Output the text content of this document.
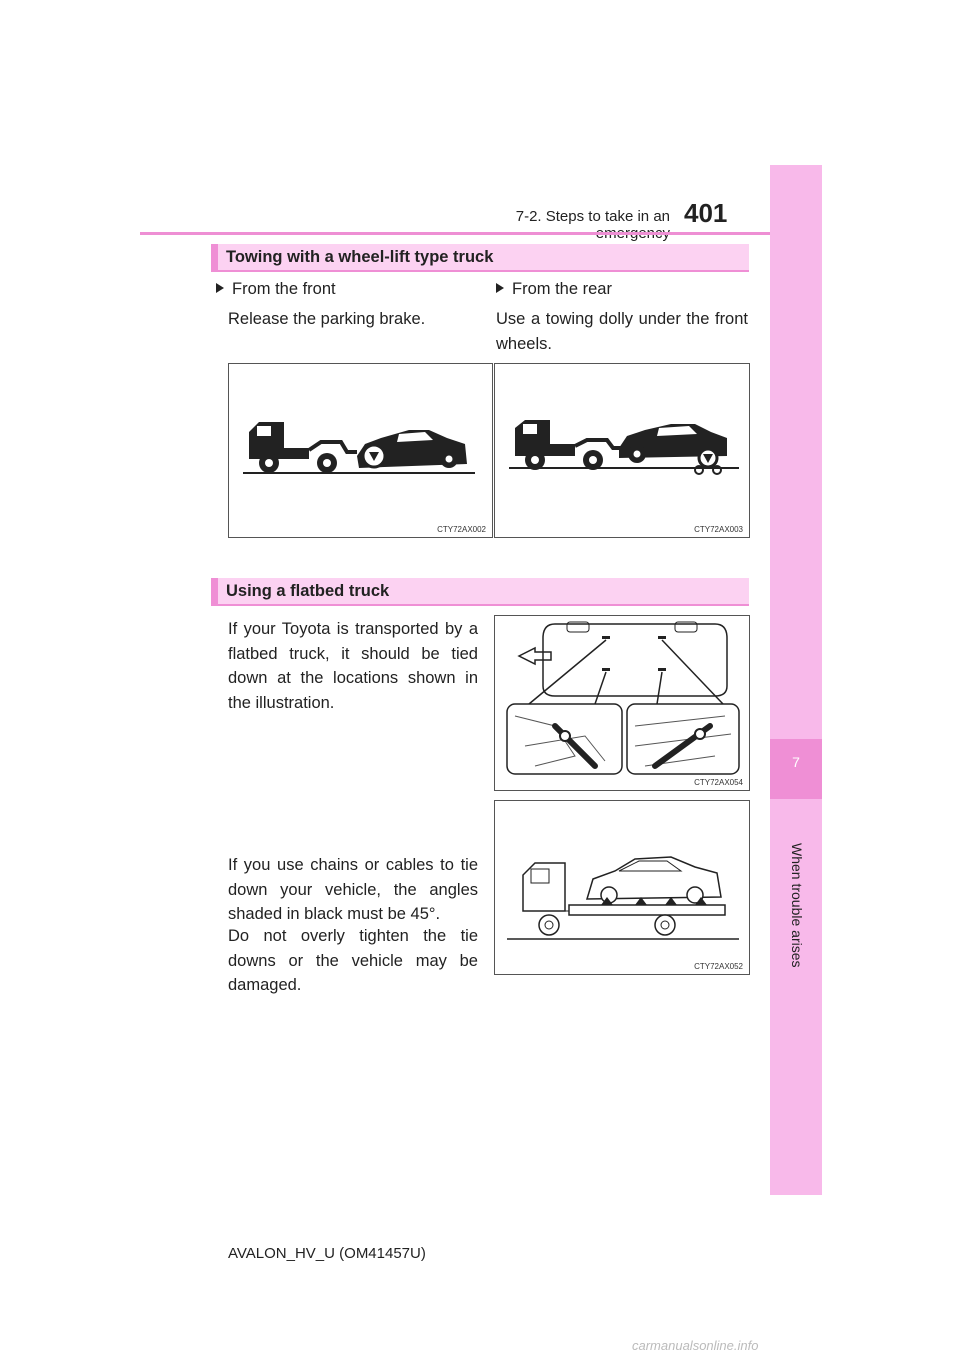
7-2. Steps to take in an 401
7
When trouble arises
Towing with a wheel-lift type truck
From the front	From the rear
Release the parking brake.	Use a towing dolly under the front wheels.
CTY72AX002	CTY72AX003
Using a flatbed truck
If your Toyota is transported by a flatbed truck, it should be tied down at the locations shown in the illustration.
CTY72AX054
If you use chains or cables to tie down your vehicle, the angles shaded in black must be 45°.
Do not overly tighten the tie downs or the vehicle may be damaged.
CTY72AX052
AVALON_HV_U (OM41457U)
carmanualsonline.info
